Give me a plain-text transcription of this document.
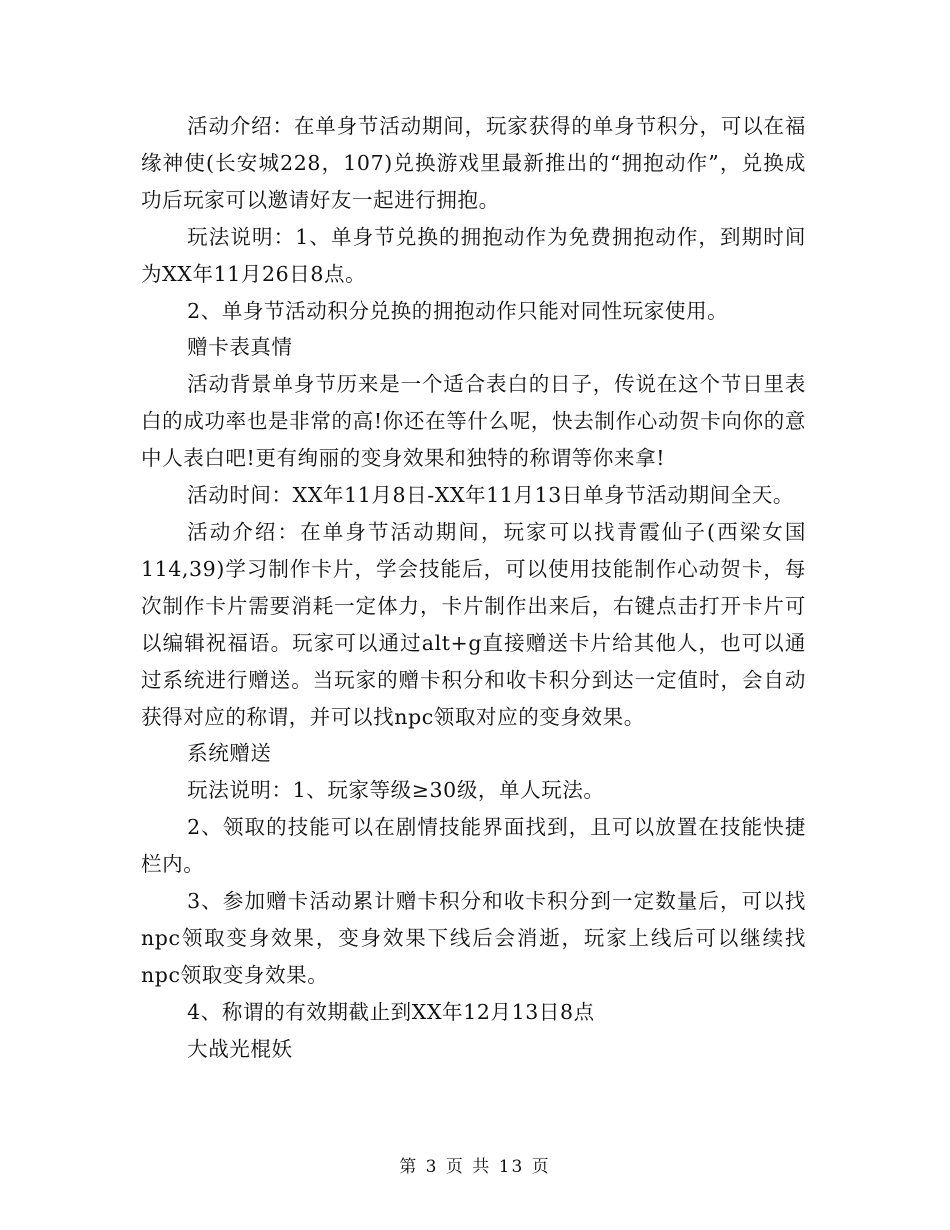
活动介绍：在单身节活动期间，玩家获得的单身节积分，可以在福缘神使(长安城228，107)兑换游戏里最新推出的“拥抱动作”，兑换成功后玩家可以邀请好友一起进行拥抱。

玩法说明：1、单身节兑换的拥抱动作为免费拥抱动作，到期时间为XX年11月26日8点。

2、单身节活动积分兑换的拥抱动作只能对同性玩家使用。

赠卡表真情

活动背景单身节历来是一个适合表白的日子，传说在这个节日里表白的成功率也是非常的高!你还在等什么呢，快去制作心动贺卡向你的意中人表白吧!更有绚丽的变身效果和独特的称谓等你来拿!

活动时间：XX年11月8日-XX年11月13日单身节活动期间全天。

活动介绍：在单身节活动期间，玩家可以找青霞仙子(西梁女国114,39)学习制作卡片，学会技能后，可以使用技能制作心动贺卡，每次制作卡片需要消耗一定体力，卡片制作出来后，右键点击打开卡片可以编辑祝福语。玩家可以通过alt+g直接赠送卡片给其他人，也可以通过系统进行赠送。当玩家的赠卡积分和收卡积分到达一定值时，会自动获得对应的称谓，并可以找npc领取对应的变身效果。

系统赠送

玩法说明：1、玩家等级≥30级，单人玩法。

2、领取的技能可以在剧情技能界面找到，且可以放置在技能快捷栏内。

3、参加赠卡活动累计赠卡积分和收卡积分到一定数量后，可以找npc领取变身效果，变身效果下线后会消逝，玩家上线后可以继续找npc领取变身效果。

4、称谓的有效期截止到XX年12月13日8点

大战光棍妖

第 3 页 共 13 页
